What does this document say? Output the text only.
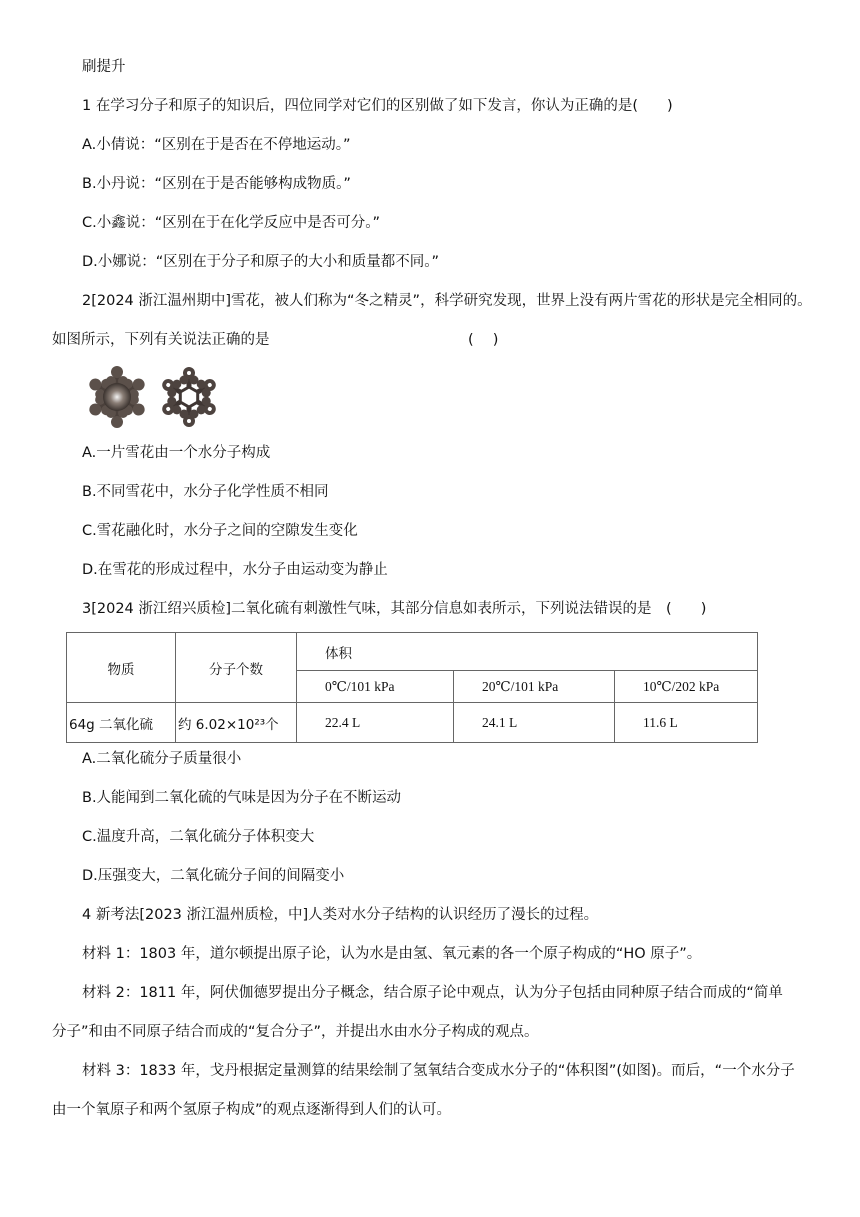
刷提升
1 在学习分子和原子的知识后，四位同学对它们的区别做了如下发言，你认为正确的是(　　)
A.小倩说：“区别在于是否在不停地运动。”
B.小丹说：“区别在于是否能够构成物质。”
C.小鑫说：“区别在于在化学反应中是否可分。”
D.小娜说：“区别在于分子和原子的大小和质量都不同。”
2[2024 浙江温州期中]雪花，被人们称为“冬之精灵”，科学研究发现，世界上没有两片雪花的形状是完全相同的。
如图所示，下列有关说法正确的是	(　 )
A.一片雪花由一个水分子构成
B.不同雪花中，水分子化学性质不相同
C.雪花融化时，水分子之间的空隙发生变化
D.在雪花的形成过程中，水分子由运动变为静止
3[2024 浙江绍兴质检]二氧化硫有刺激性气味，其部分信息如表所示，下列说法错误的是　(　　)
物质	分子个数	体积		
		0℃/101 kPa	20℃/101 kPa	10℃/202 kPa
64g 二氧化硫	约 6.02×10²³个	22.4 L	24.1 L	11.6 L
A.二氧化硫分子质量很小
B.人能闻到二氧化硫的气味是因为分子在不断运动
C.温度升高，二氧化硫分子体积变大
D.压强变大，二氧化硫分子间的间隔变小
4 新考法[2023 浙江温州质检，中]人类对水分子结构的认识经历了漫长的过程。
材料 1：1803 年，道尔顿提出原子论，认为水是由氢、氧元素的各一个原子构成的“HO 原子”。
材料 2：1811 年，阿伏伽德罗提出分子概念，结合原子论中观点，认为分子包括由同种原子结合而成的“简单
分子”和由不同原子结合而成的“复合分子”，并提出水由水分子构成的观点。
材料 3：1833 年，戈丹根据定量测算的结果绘制了氢氧结合变成水分子的“体积图”(如图)。而后，“一个水分子
由一个氧原子和两个氢原子构成”的观点逐渐得到人们的认可。
